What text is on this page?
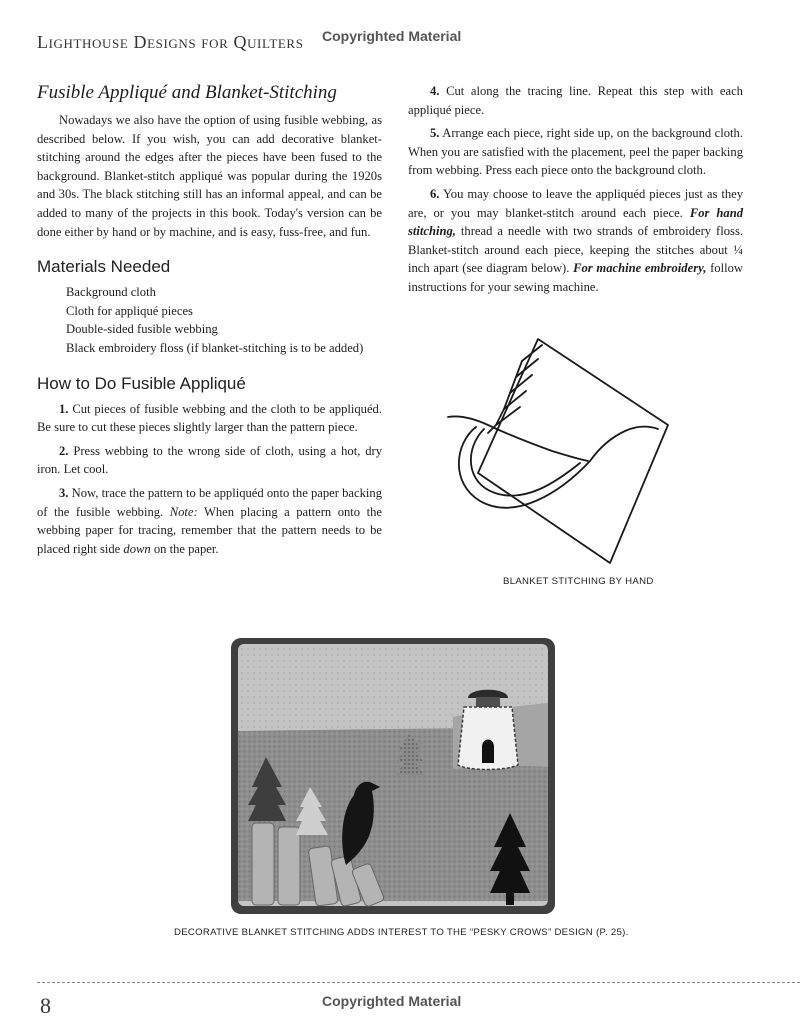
Lighthouse Designs for Quilters Copyrighted Material
Fusible Appliqué and Blanket-Stitching

Nowadays we also have the option of using fusible webbing, as described below. If you wish, you can add decorative blanket-stitching around the edges after the pieces have been fused to the background. Blanket-stitch appliqué was popular during the 1920s and 30s. The black stitching still has an informal appeal, and can be added to many of the projects in this book. Today's version can be done either by hand or by machine, and is easy, fuss-free, and fun.

Materials Needed
Background cloth
Cloth for appliqué pieces
Double-sided fusible webbing
Black embroidery floss (if blanket-stitching is to be added)
How to Do Fusible Appliqué

1. Cut pieces of fusible webbing and the cloth to be appliquéd. Be sure to cut these pieces slightly larger than the pattern piece.

2. Press webbing to the wrong side of cloth, using a hot, dry iron. Let cool.

3. Now, trace the pattern to be appliquéd onto the paper backing of the fusible webbing. Note: When placing a pattern onto the webbing paper for tracing, remember that the pattern needs to be placed right side down on the paper.

4. Cut along the tracing line. Repeat this step with each appliqué piece.

5. Arrange each piece, right side up, on the background cloth. When you are satisfied with the placement, peel the paper backing from webbing. Press each piece onto the background cloth.

6. You may choose to leave the appliquéd pieces just as they are, or you may blanket-stitch around each piece. For hand stitching, thread a needle with two strands of embroidery floss. Blanket-stitch around each piece, keeping the stitches about ¼ inch apart (see diagram below). For machine embroidery, follow instructions for your sewing machine.

BLANKET STITCHING BY HAND
DECORATIVE BLANKET STITCHING ADDS INTEREST TO THE “PESKY CROWS” DESIGN (P. 25).
8	Copyrighted Material
